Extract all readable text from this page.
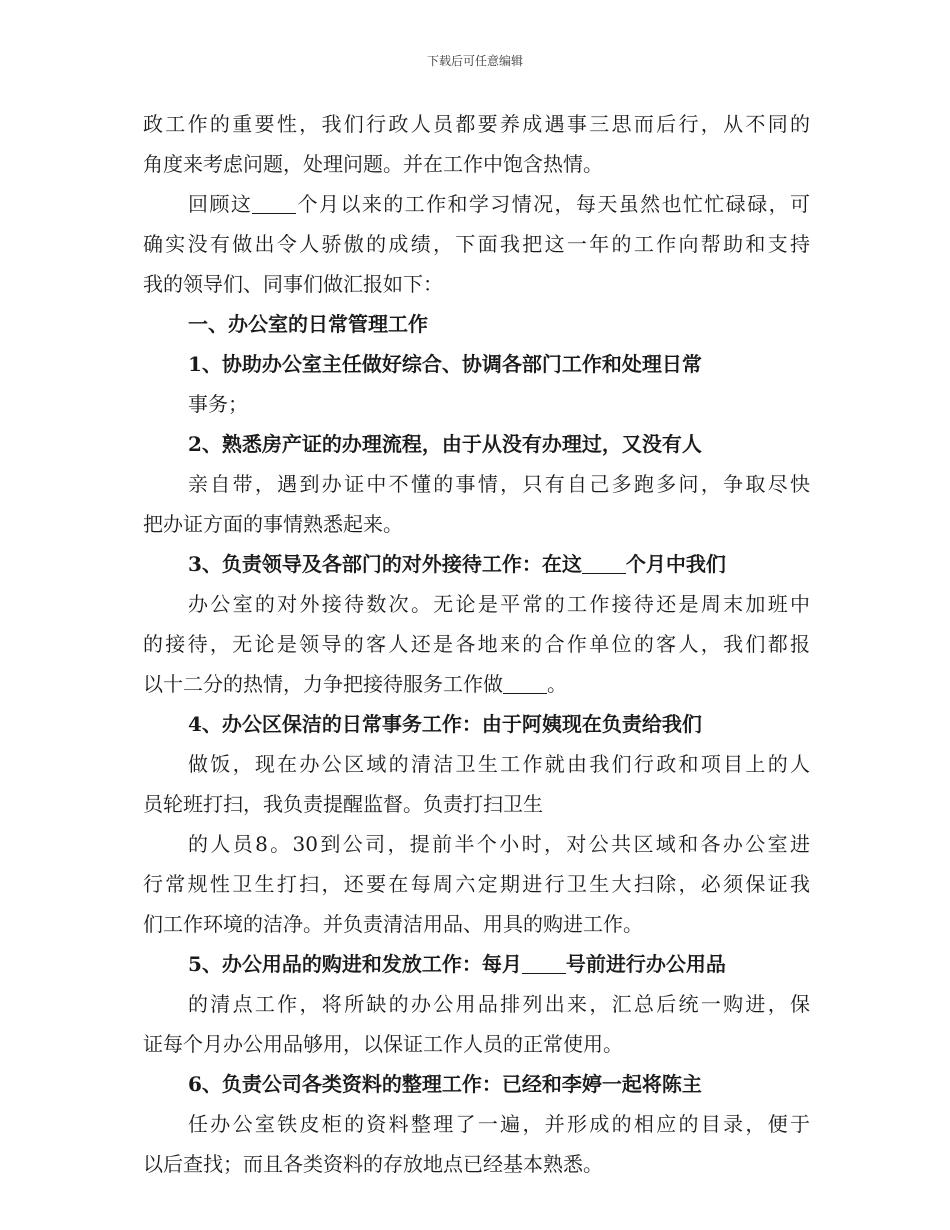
下载后可任意编辑
政工作的重要性，我们行政人员都要养成遇事三思而后行，从不同的
角度来考虑问题，处理问题。并在工作中饱含热情。
回顾这 个月以来的工作和学习情况，每天虽然也忙忙碌碌，可
确实没有做出令人骄傲的成绩，下面我把这一年的工作向帮助和支持
我的领导们、同事们做汇报如下：
一、办公室的日常管理工作
1、协助办公室主任做好综合、协调各部门工作和处理日常
事务；
2、熟悉房产证的办理流程，由于从没有办理过，又没有人
亲自带，遇到办证中不懂的事情，只有自己多跑多问，争取尽快
把办证方面的事情熟悉起来。
3、负责领导及各部门的对外接待工作：在这 个月中我们
办公室的对外接待数次。无论是平常的工作接待还是周末加班中
的接待，无论是领导的客人还是各地来的合作单位的客人，我们都报
以十二分的热情，力争把接待服务工作做 。
4、办公区保洁的日常事务工作：由于阿姨现在负责给我们
做饭，现在办公区域的清洁卫生工作就由我们行政和项目上的人
员轮班打扫，我负责提醒监督。负责打扫卫生
的人员8。30到公司，提前半个小时，对公共区域和各办公室进
行常规性卫生打扫，还要在每周六定期进行卫生大扫除，必须保证我
们工作环境的洁净。并负责清洁用品、用具的购进工作。
5、办公用品的购进和发放工作：每月 号前进行办公用品
的清点工作，将所缺的办公用品排列出来，汇总后统一购进，保
证每个月办公用品够用，以保证工作人员的正常使用。
6、负责公司各类资料的整理工作：已经和李婷一起将陈主
任办公室铁皮柜的资料整理了一遍，并形成的相应的目录，便于
以后查找；而且各类资料的存放地点已经基本熟悉。
